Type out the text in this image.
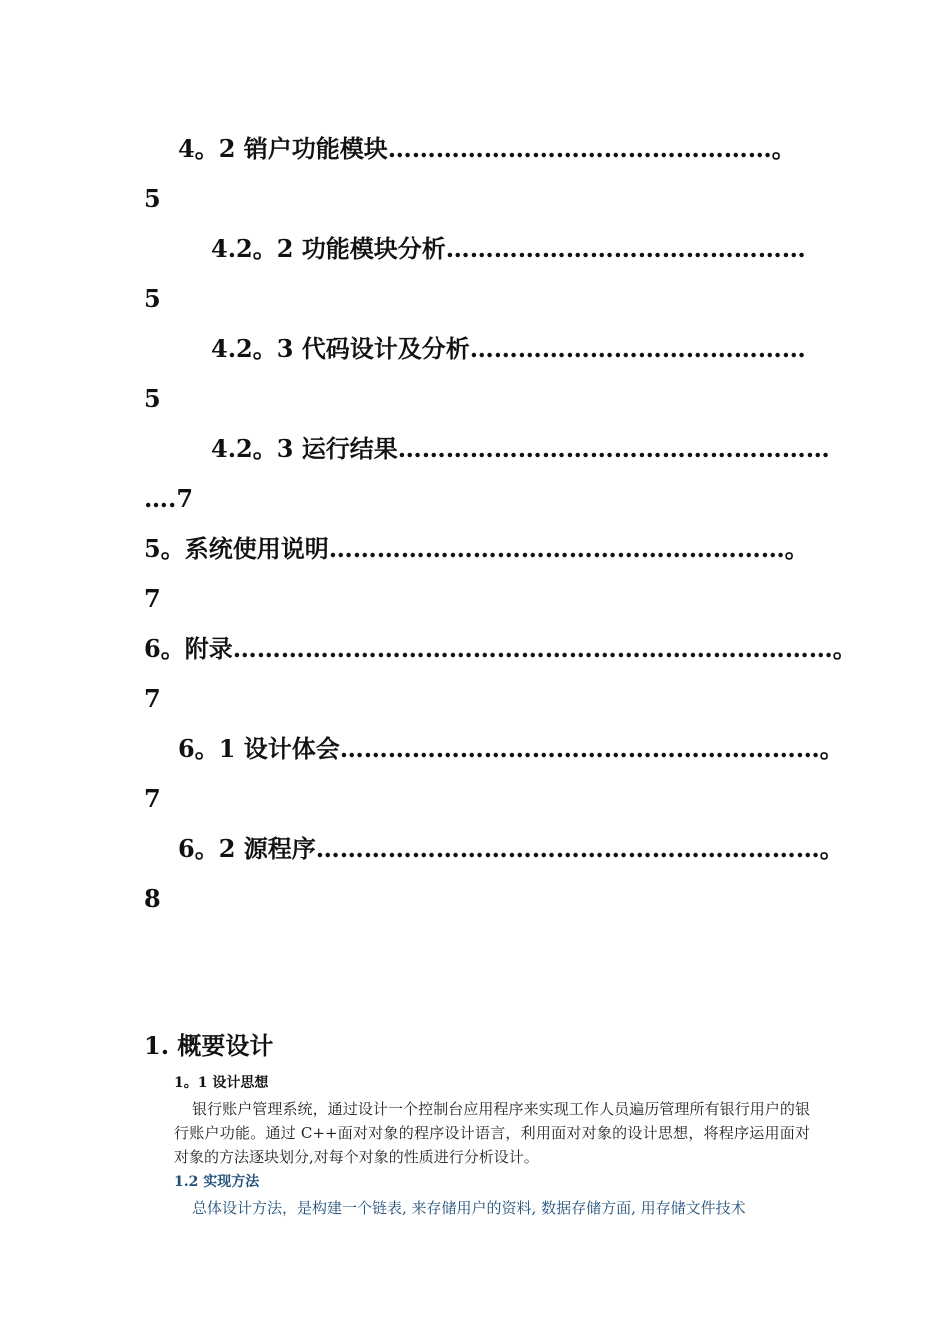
4。2 销户功能模块…………………………………………。
5
4.2。2 功能模块分析………………………………………
5
4.2。3 代码设计及分析……………………………………
5
4.2。3 运行结果………………………………………………
….7
5。系统使用说明…………………………………………………。
7
6。附录…………………………………………………………………。
7
6。1 设计体会……………………………………………………。
7
6。2 源程序………………………………………………………。
8
1. 概要设计
1。1 设计思想
银行账户管理系统，通过设计一个控制台应用程序来实现工作人员遍历管理所有银行用户的银行账户功能。通过 C++面对对象的程序设计语言，利用面对对象的设计思想，将程序运用面对对象的方法逐块划分,对每个对象的性质进行分析设计。
1.2 实现方法
总体设计方法，是构建一个链表, 来存储用户的资料, 数据存储方面, 用存储文件技术
